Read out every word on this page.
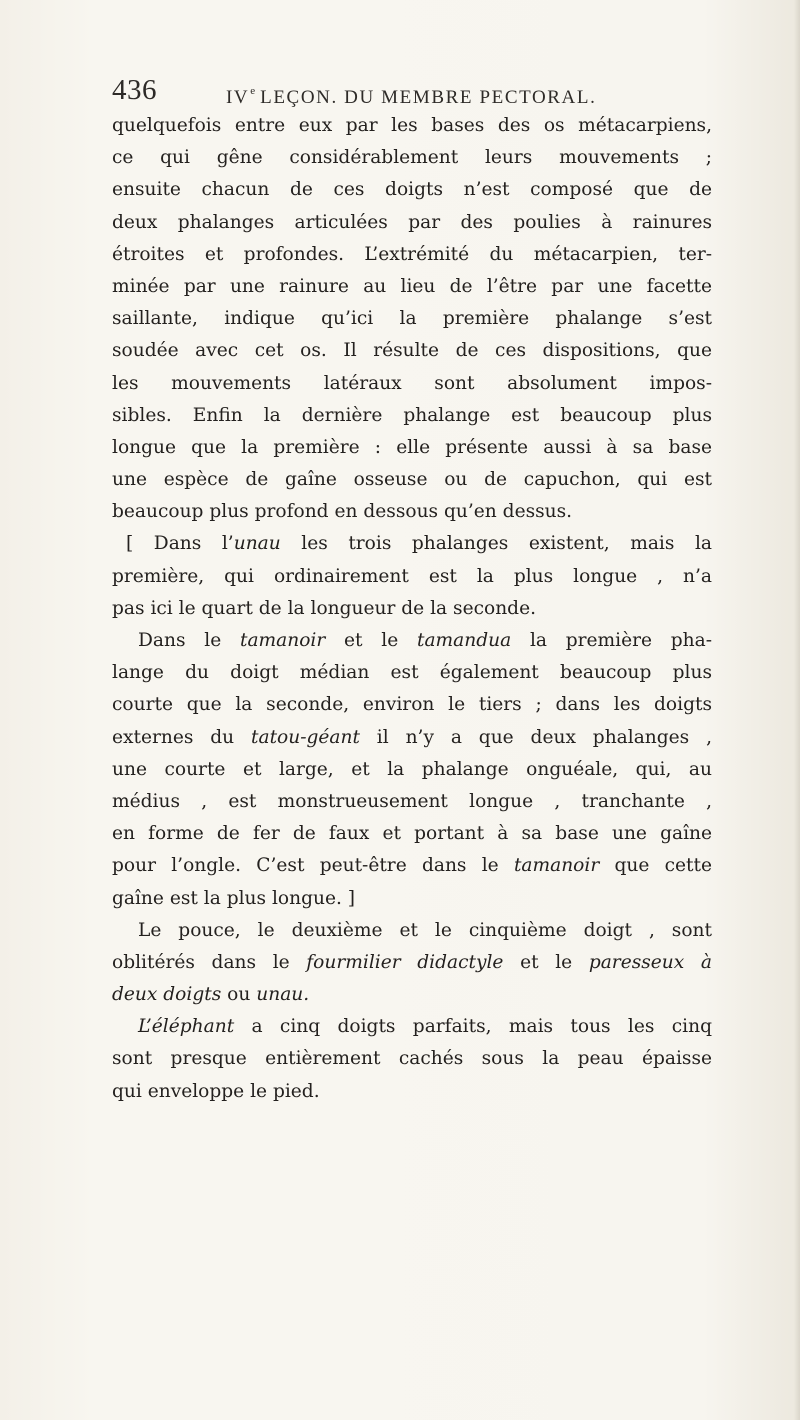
436	IVe LEÇON. DU MEMBRE PECTORAL.
quelquefois entre eux par les bases des os métacarpiens,
ce qui gêne considérablement leurs mouvements ;
ensuite chacun de ces doigts n’est composé que de
deux phalanges articulées par des poulies à rainures
étroites et profondes. L’extrémité du métacarpien, ter-
minée par une rainure au lieu de l’être par une facette
saillante, indique qu’ici la première phalange s’est
soudée avec cet os. Il résulte de ces dispositions, que
les mouvements latéraux sont absolument impos-
sibles. Enfin la dernière phalange est beaucoup plus
longue que la première : elle présente aussi à sa base
une espèce de gaîne osseuse ou de capuchon, qui est
beaucoup plus profond en dessous qu’en dessus.
[ Dans l’unau les trois phalanges existent, mais la
première, qui ordinairement est la plus longue , n’a
pas ici le quart de la longueur de la seconde.
Dans le tamanoir et le tamandua la première pha-
lange du doigt médian est également beaucoup plus
courte que la seconde, environ le tiers ; dans les doigts
externes du tatou-géant il n’y a que deux phalanges ,
une courte et large, et la phalange onguéale, qui, au
médius , est monstrueusement longue , tranchante ,
en forme de fer de faux et portant à sa base une gaîne
pour l’ongle. C’est peut-être dans le tamanoir que cette
gaîne est la plus longue. ]
Le pouce, le deuxième et le cinquième doigt , sont
oblitérés dans le fourmilier didactyle et le paresseux à
deux doigts ou unau.
L’éléphant a cinq doigts parfaits, mais tous les cinq
sont presque entièrement cachés sous la peau épaisse
qui enveloppe le pied.
